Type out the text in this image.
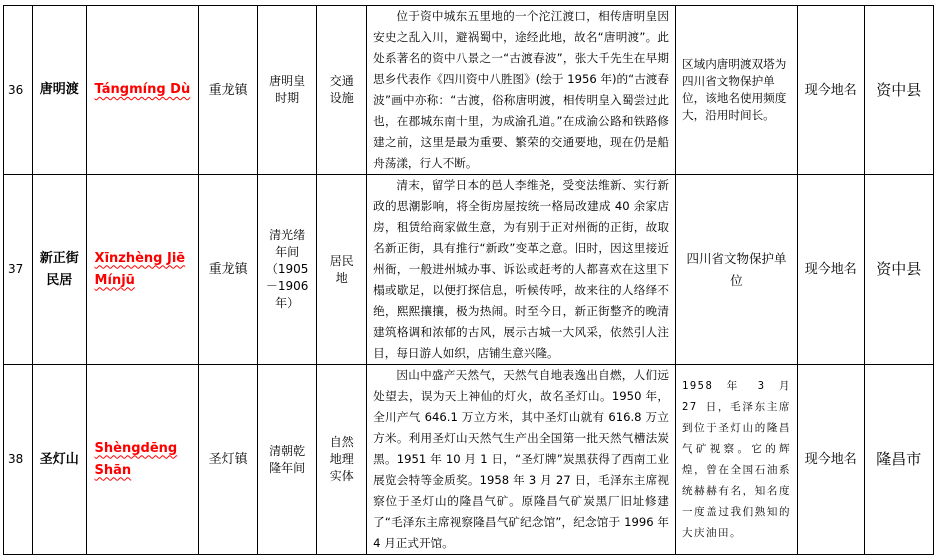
36	唐明渡	Tángmíng Dù	重龙镇	唐明皇时期	交通设施	位于资中城东五里地的一个沱江渡口，相传唐明皇因安史之乱入川，避祸蜀中，途经此地，故名“唐明渡”。此处系著名的资中八景之一“古渡春波”，张大千先生在早期思乡代表作《四川资中八胜图》(绘于 1956 年)的“古渡春波”画中亦称：“古渡，俗称唐明渡，相传明皇入蜀尝过此也，在郡城东南十里，为成渝孔道。”在成渝公路和铁路修建之前，这里是最为重要、繁荣的交通要地，现在仍是船舟荡漾，行人不断。	区域内唐明渡双塔为四川省文物保护单位，该地名使用频度大，沿用时间长。	现今地名	资中县
37	新正街民居	Xīnzhèng Jiē Mínjū	重龙镇	清光绪年间（1905－1906年）	居民地	清末，留学日本的邑人李维尧，受变法维新、实行新政的思潮影响，将全街房屋按统一格局改建成 40 余家店房，租赁给商家做生意，为有别于正对州衙的正街，故取名新正街，具有推行“新政”变革之意。旧时，因这里接近州衙，一般进州城办事、诉讼或赶考的人都喜欢在这里下榻或歇足，以便打探信息，听候传呼，故来往的人络绎不绝，熙熙攘攘，极为热闹。时至今日，新正街整齐的晚清建筑格调和浓郁的古风，展示古城一大风采，依然引人注目，每日游人如织，店铺生意兴隆。	四川省文物保护单位	现今地名	资中县
38	圣灯山	Shèngdēng Shān	圣灯镇	清朝乾隆年间	自然地理实体	因山中盛产天然气，天然气自地表逸出自燃，人们远处望去，误为天上神仙的灯火，故名圣灯山。1950 年，全川产气 646.1 万立方米，其中圣灯山就有 616.8 万立方米。利用圣灯山天然气生产出全国第一批天然气槽法炭黑。1951 年 10 月 1 日，“圣灯牌”炭黑获得了西南工业展览会特等金质奖。1958 年 3 月 27 日，毛泽东主席视察位于圣灯山的隆昌气矿。原隆昌气矿炭黑厂旧址修建了“毛泽东主席视察隆昌气矿纪念馆”，纪念馆于 1996 年 4 月正式开馆。	1958 年 3 月 27 日，毛泽东主席到位于圣灯山的隆昌气矿视察。它的辉煌，曾在全国石油系统赫赫有名，知名度一度盖过我们熟知的大庆油田。	现今地名	隆昌市
